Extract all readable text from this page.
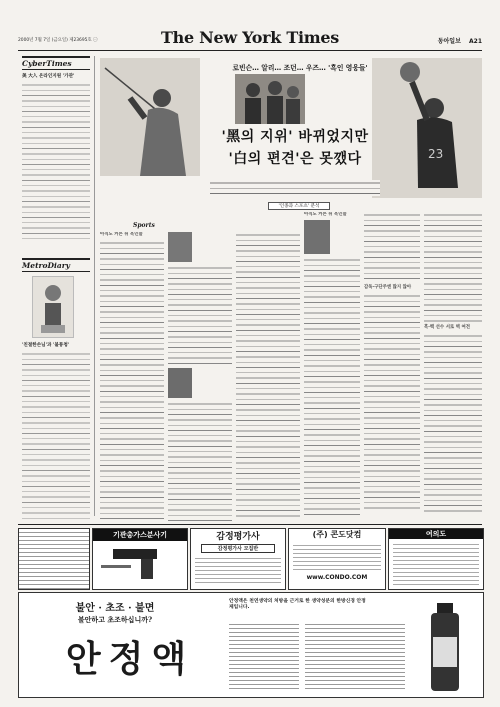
2000년 7월 7일 (금요일) 제23695호 ㊀	The New York Times	동아일보 A21
CyberTimes
美 大入 온라인지원 '가관'
MetroDiary
'친절한손님'과 '불통청'
로빈슨… 알리… 조던… 우즈… '흑인 영웅들'
23
'黑의 지위' 바뀌었지만
'白의 편견'은 못깼다
'인종과 스포츠' 분석
Sports
아직도 커튼 뒤 흑인들
아직도 커튼 뒤 흑인들
감독·구단주엔 많지 않아
흑·백 선수 서로 벽 여전
기관총가스분사기	감정평가사
감정평가사 모집반
(주) 콘도닷컴
www.CONDO.COM
여의도
불안 · 초조 · 불면
불안하고 초조하십니까?
안정액
안정액은 천연생약의 처방을 근거로 한 생약성분의 한방신경 안정제입니다.
